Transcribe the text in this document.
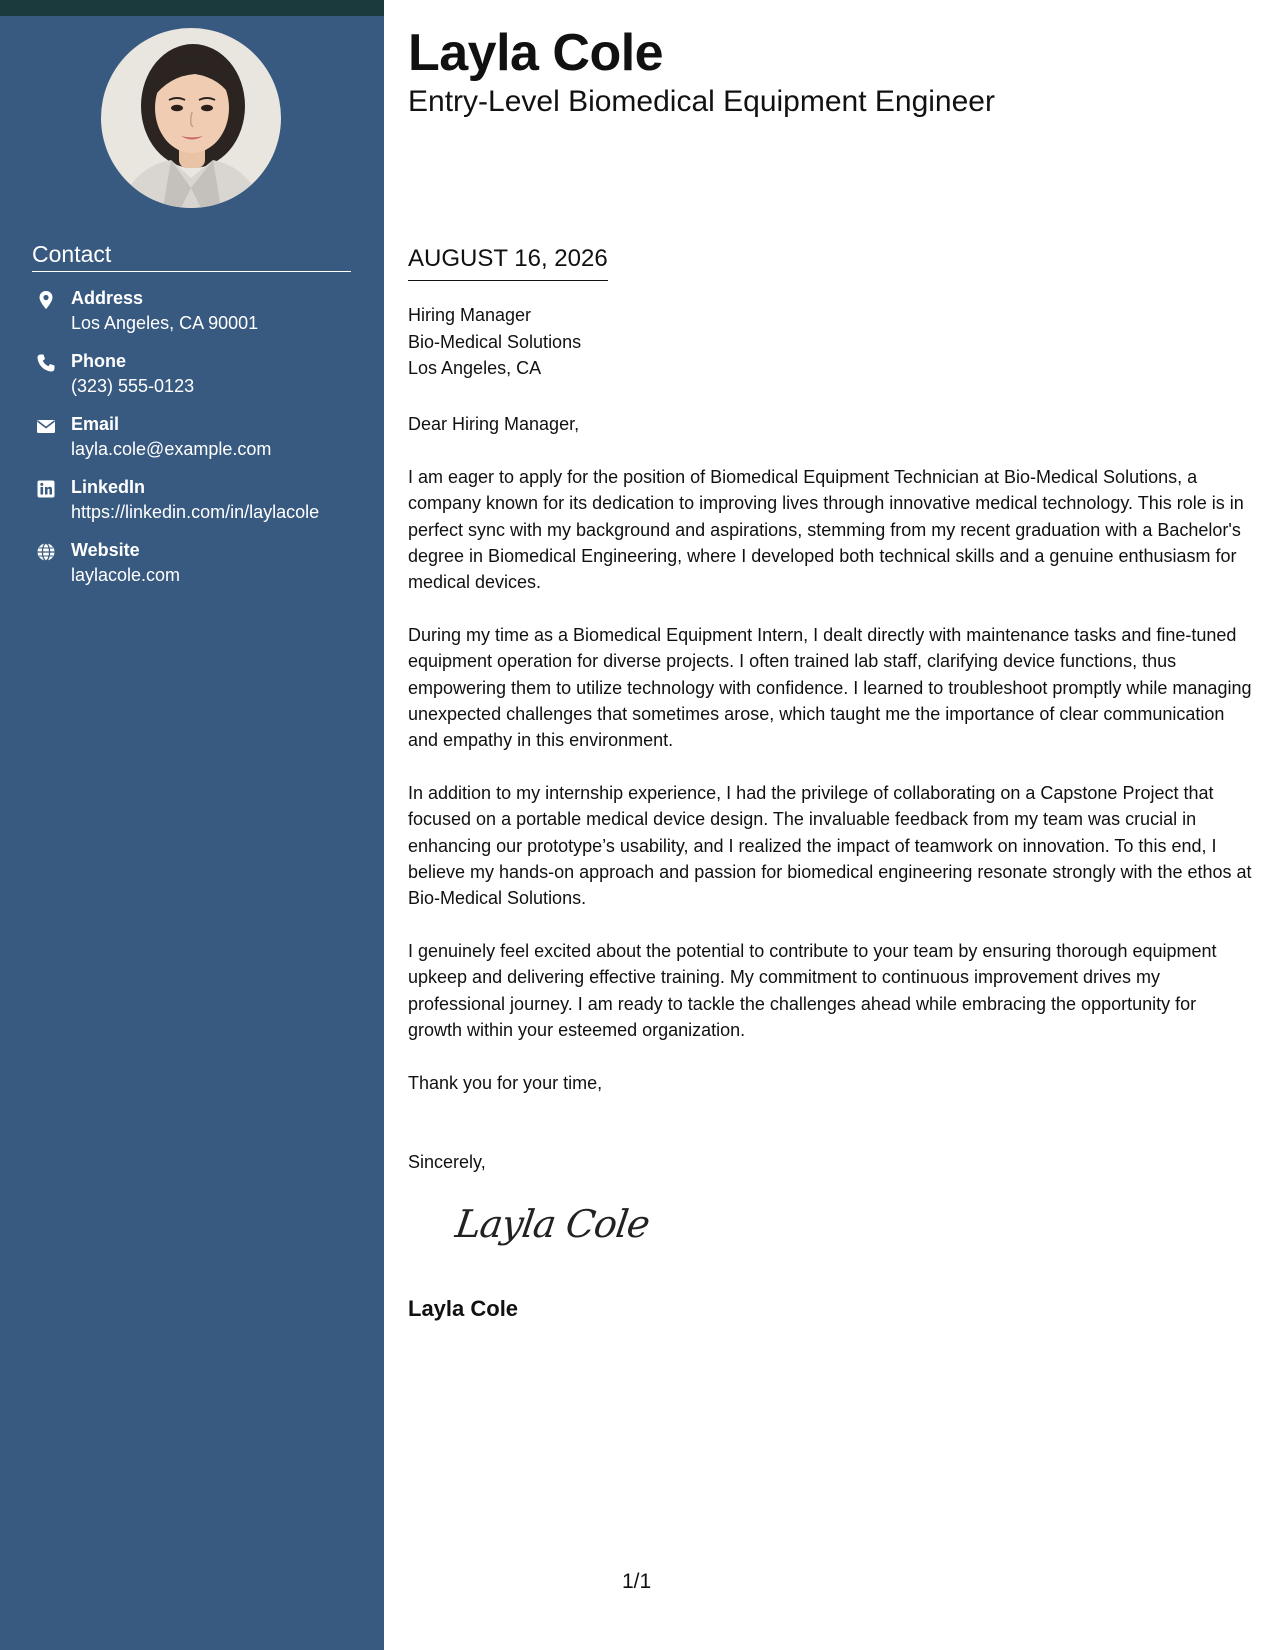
Contact
Address
Los Angeles, CA 90001
Phone
(323) 555-0123
Email
layla.cole@example.com
LinkedIn
https://linkedin.com/in/laylacole
Website
laylacole.com
Layla Cole
Entry-Level Biomedical Equipment Engineer
AUGUST 16, 2026
Hiring Manager
Bio-Medical Solutions
Los Angeles, CA

Dear Hiring Manager,

I am eager to apply for the position of Biomedical Equipment Technician at Bio-Medical Solutions, a company known for its dedication to improving lives through innovative medical technology. This role is in perfect sync with my background and aspirations, stemming from my recent graduation with a Bachelor's degree in Biomedical Engineering, where I developed both technical skills and a genuine enthusiasm for medical devices.

During my time as a Biomedical Equipment Intern, I dealt directly with maintenance tasks and fine-tuned equipment operation for diverse projects. I often trained lab staff, clarifying device functions, thus empowering them to utilize technology with confidence. I learned to troubleshoot promptly while managing unexpected challenges that sometimes arose, which taught me the importance of clear communication and empathy in this environment.

In addition to my internship experience, I had the privilege of collaborating on a Capstone Project that focused on a portable medical device design. The invaluable feedback from my team was crucial in enhancing our prototype’s usability, and I realized the impact of teamwork on innovation. To this end, I believe my hands-on approach and passion for biomedical engineering resonate strongly with the ethos at Bio-Medical Solutions.

I genuinely feel excited about the potential to contribute to your team by ensuring thorough equipment upkeep and delivering effective training. My commitment to continuous improvement drives my professional journey. I am ready to tackle the challenges ahead while embracing the opportunity for growth within your esteemed organization.

Thank you for your time,

Sincerely,

Layla Cole
Layla Cole
1/1
